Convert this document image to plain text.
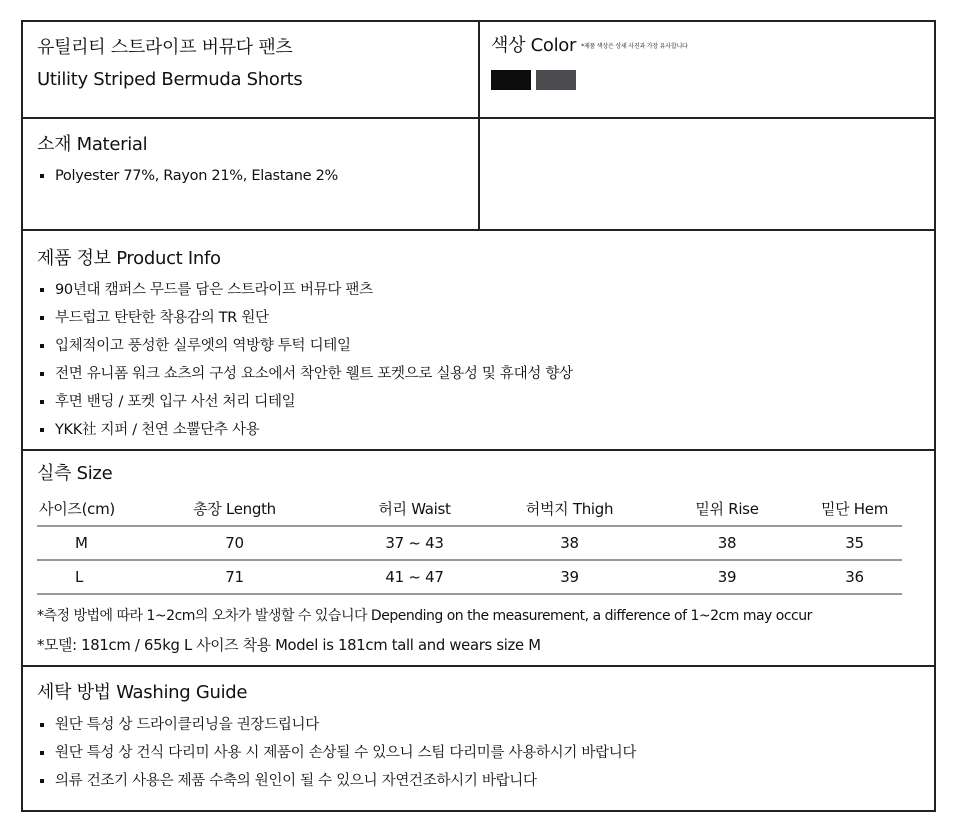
유틸리티 스트라이프 버뮤다 팬츠
Utility Striped Bermuda Shorts
색상 Color *제품 색상은 상세 사진과 가장 유사합니다
소재 Material
Polyester 77%, Rayon 21%, Elastane 2%
제품 정보 Product Info
90년대 캠퍼스 무드를 담은 스트라이프 버뮤다 팬츠
부드럽고 탄탄한 착용감의 TR 원단
입체적이고 풍성한 실루엣의 역방향 투턱 디테일
전면 유니폼 워크 쇼츠의 구성 요소에서 착안한 웰트 포켓으로 실용성 및 휴대성 향상
후면 밴딩 / 포켓 입구 사선 처리 디테일
YKK社 지퍼 / 천연 소뿔단추 사용
실측 Size
사이즈(cm)	총장 Length	허리 Waist	허벅지 Thigh	밑위 Rise	밑단 Hem
M	70	37 ~ 43	38	38	35
L	71	41 ~ 47	39	39	36
*측정 방법에 따라 1~2cm의 오차가 발생할 수 있습니다 Depending on the measurement, a difference of 1~2cm may occur
*모델: 181cm / 65kg L 사이즈 착용 Model is 181cm tall and wears size M
세탁 방법 Washing Guide
원단 특성 상 드라이클리닝을 권장드립니다
원단 특성 상 건식 다리미 사용 시 제품이 손상될 수 있으니 스팀 다리미를 사용하시기 바랍니다
의류 건조기 사용은 제품 수축의 원인이 될 수 있으니 자연건조하시기 바랍니다
